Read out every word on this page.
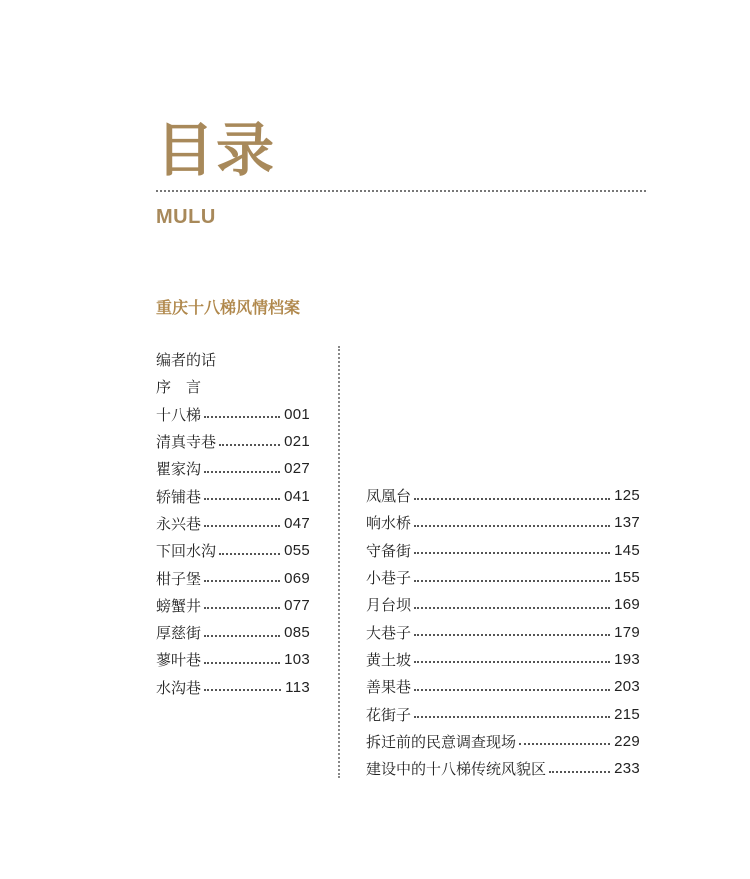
目录
MULU
重庆十八梯风情档案
编者的话
序　言
十八梯	001
清真寺巷	021
瞿家沟	027
轿铺巷	041
永兴巷	047
下回水沟	055
柑子堡	069
螃蟹井	077
厚慈街	085
蓼叶巷	103
水沟巷	113
凤凰台	125
响水桥	137
守备街	145
小巷子	155
月台坝	169
大巷子	179
黄土坡	193
善果巷	203
花街子	215
拆迁前的民意调查现场	229
建设中的十八梯传统风貌区	233
